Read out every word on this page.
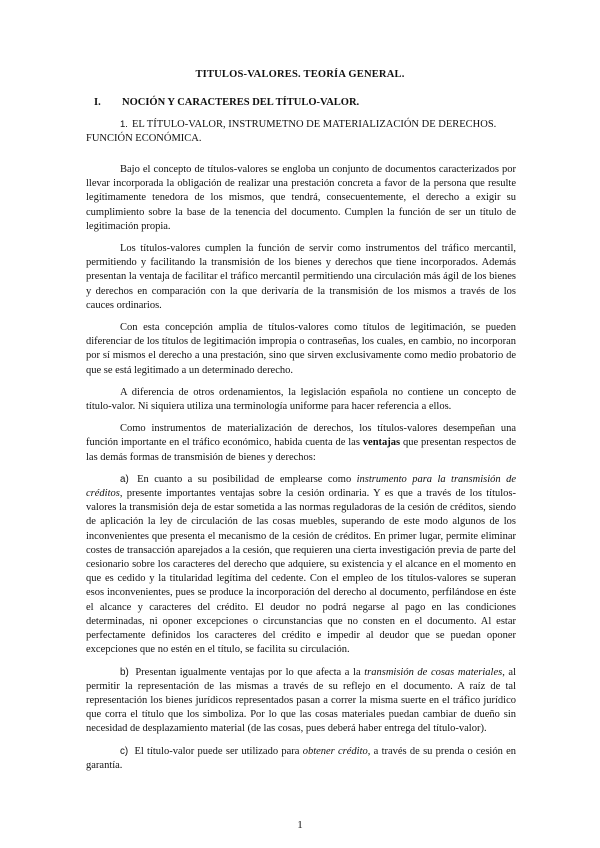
TITULOS-VALORES. TEORÍA GENERAL.
I. NOCIÓN Y CARACTERES DEL TÍTULO-VALOR.
1. EL TÍTULO-VALOR, INSTRUMETNO DE MATERIALIZACIÓN DE DERECHOS. FUNCIÓN ECONÓMICA.

Bajo el concepto de títulos-valores se engloba un conjunto de documentos caracterizados por llevar incorporada la obligación de realizar una prestación concreta a favor de la persona que resulte legítimamente tenedora de los mismos, que tendrá, consecuentemente, el derecho a exigir su cumplimiento sobre la base de la tenencia del documento. Cumplen la función de ser un título de legitimación propia.

Los títulos-valores cumplen la función de servir como instrumentos del tráfico mercantil, permitiendo y facilitando la transmisión de los bienes y derechos que tiene incorporados. Además presentan la ventaja de facilitar el tráfico mercantil permitiendo una circulación más ágil de los bienes y derechos en comparación con la que derivaría de la transmisión de los mismos a través de los cauces ordinarios.

Con esta concepción amplia de títulos-valores como títulos de legitimación, se pueden diferenciar de los títulos de legitimación impropia o contraseñas, los cuales, en cambio, no incorporan por sí mismos el derecho a una prestación, sino que sirven exclusivamente como medio probatorio de que se está legitimado a un determinado derecho.

A diferencia de otros ordenamientos, la legislación española no contiene un concepto de título-valor. Ni siquiera utiliza una terminología uniforme para hacer referencia a ellos.

Como instrumentos de materialización de derechos, los títulos-valores desempeñan una función importante en el tráfico económico, habida cuenta de las ventajas que presentan respectos de las demás formas de transmisión de bienes y derechos:

a) En cuanto a su posibilidad de emplearse como instrumento para la transmisión de créditos, presente importantes ventajas sobre la cesión ordinaria. Y es que a través de los títulos-valores la transmisión deja de estar sometida a las normas reguladoras de la cesión de créditos, siendo de aplicación la ley de circulación de las cosas muebles, superando de este modo algunos de los inconvenientes que presenta el mecanismo de la cesión de créditos. En primer lugar, permite eliminar costes de transacción aparejados a la cesión, que requieren una cierta investigación previa de parte del cesionario sobre los caracteres del derecho que adquiere, su existencia y el alcance en el momento en que es cedido y la titularidad legítima del cedente. Con el empleo de los títulos-valores se superan esos inconvenientes, pues se produce la incorporación del derecho al documento, perfilándose en éste el alcance y caracteres del crédito. El deudor no podrá negarse al pago en las condiciones determinadas, ni oponer excepciones o circunstancias que no consten en el documento. Al estar perfectamente definidos los caracteres del crédito e impedir al deudor que se puedan oponer excepciones que no estén en el título, se facilita su circulación.

b) Presentan igualmente ventajas por lo que afecta a la transmisión de cosas materiales, al permitir la representación de las mismas a través de su reflejo en el documento. A raíz de tal representación los bienes jurídicos representados pasan a correr la misma suerte en el tráfico jurídico que corra el título que los simboliza. Por lo que las cosas materiales puedan cambiar de dueño sin necesidad de desplazamiento material (de las cosas, pues deberá haber entrega del título-valor).

c) El título-valor puede ser utilizado para obtener crédito, a través de su prenda o cesión en garantía.

1
